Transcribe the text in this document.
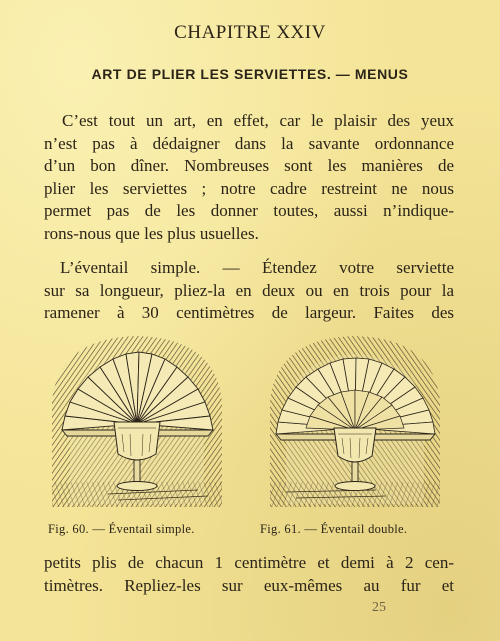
CHAPITRE XXIV
ART DE PLIER LES SERVIETTES. — MENUS
C’est tout un art, en effet, car le plaisir des yeux
n’est pas à dédaigner dans la savante ordonnance
d’un bon dîner. Nombreuses sont les manières de
plier les serviettes ; notre cadre restreint ne nous
permet pas de les donner toutes, aussi n’indique-
rons-nous que les plus usuelles.
L’éventail simple. — Étendez votre serviette
sur sa longueur, pliez-la en deux ou en trois pour la
ramener à 30 centimètres de largeur. Faites des
Fig. 60. — Éventail simple.	Fig. 61. — Éventail double.
petits plis de chacun 1 centimètre et demi à 2 cen-
timètres. Repliez-les sur eux-mêmes au fur et
25
